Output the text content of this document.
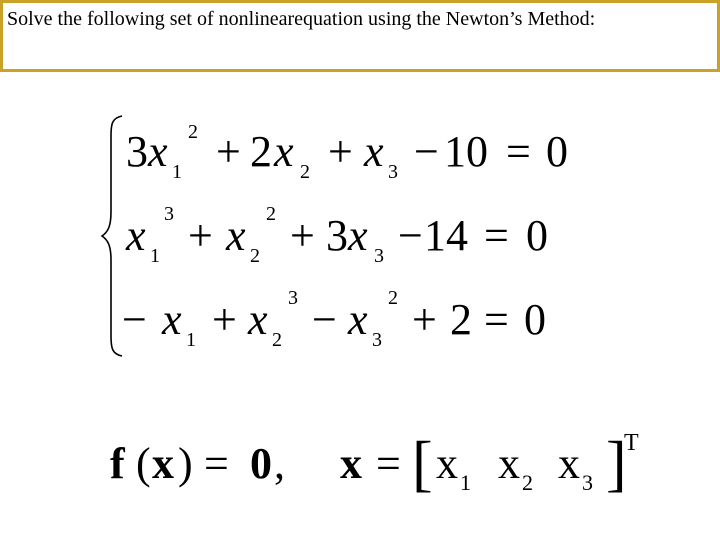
Solve the following set of nonlinearequation using the Newton’s Method:

3 x 1
2 + 2 x 2 + x 3 − 10 = 0
x 1
3 + x 2
2 + 3 x 3 − 14 = 0
− x 1 + x 2
3 − x 3
2 + 2 = 0
f ( x ) = 0 , x = [ x 1 x 2 x 3 ]
T
